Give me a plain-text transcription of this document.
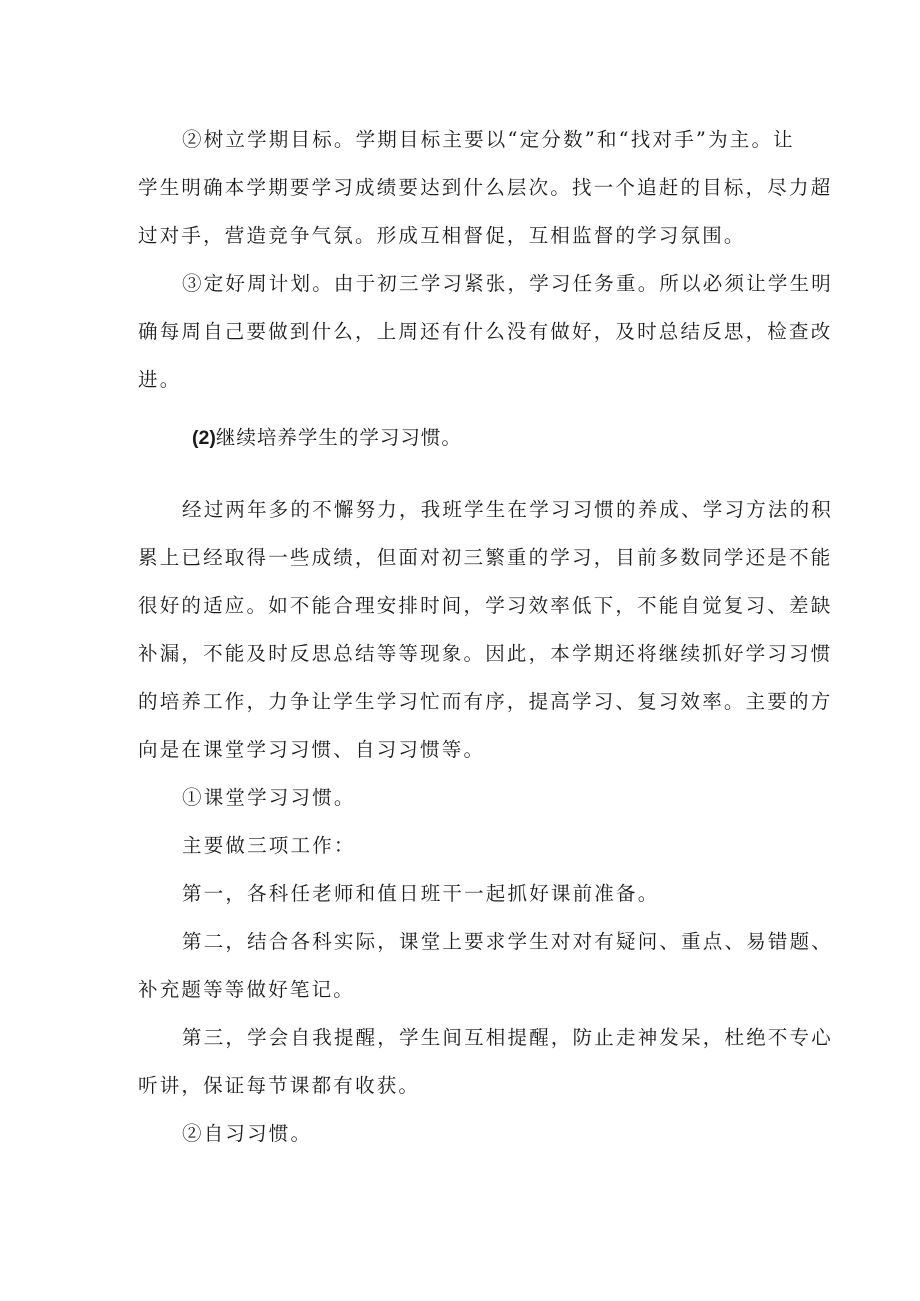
②树立学期目标。学期目标主要以“定分数”和“找对手”为主。让
学生明确本学期要学习成绩要达到什么层次。找一个追赶的目标，尽力超
过对手，营造竞争气氛。形成互相督促，互相监督的学习氛围。
③定好周计划。由于初三学习紧张，学习任务重。所以必须让学生明
确每周自己要做到什么，上周还有什么没有做好，及时总结反思，检查改
进。
(2)继续培养学生的学习习惯。
经过两年多的不懈努力，我班学生在学习习惯的养成、学习方法的积
累上已经取得一些成绩，但面对初三繁重的学习，目前多数同学还是不能
很好的适应。如不能合理安排时间，学习效率低下，不能自觉复习、差缺
补漏，不能及时反思总结等等现象。因此，本学期还将继续抓好学习习惯
的培养工作，力争让学生学习忙而有序，提高学习、复习效率。主要的方
向是在课堂学习习惯、自习习惯等。
①课堂学习习惯。
主要做三项工作：
第一，各科任老师和值日班干一起抓好课前准备。
第二，结合各科实际，课堂上要求学生对对有疑问、重点、易错题、
补充题等等做好笔记。
第三，学会自我提醒，学生间互相提醒，防止走神发呆，杜绝不专心
听讲，保证每节课都有收获。
②自习习惯。
